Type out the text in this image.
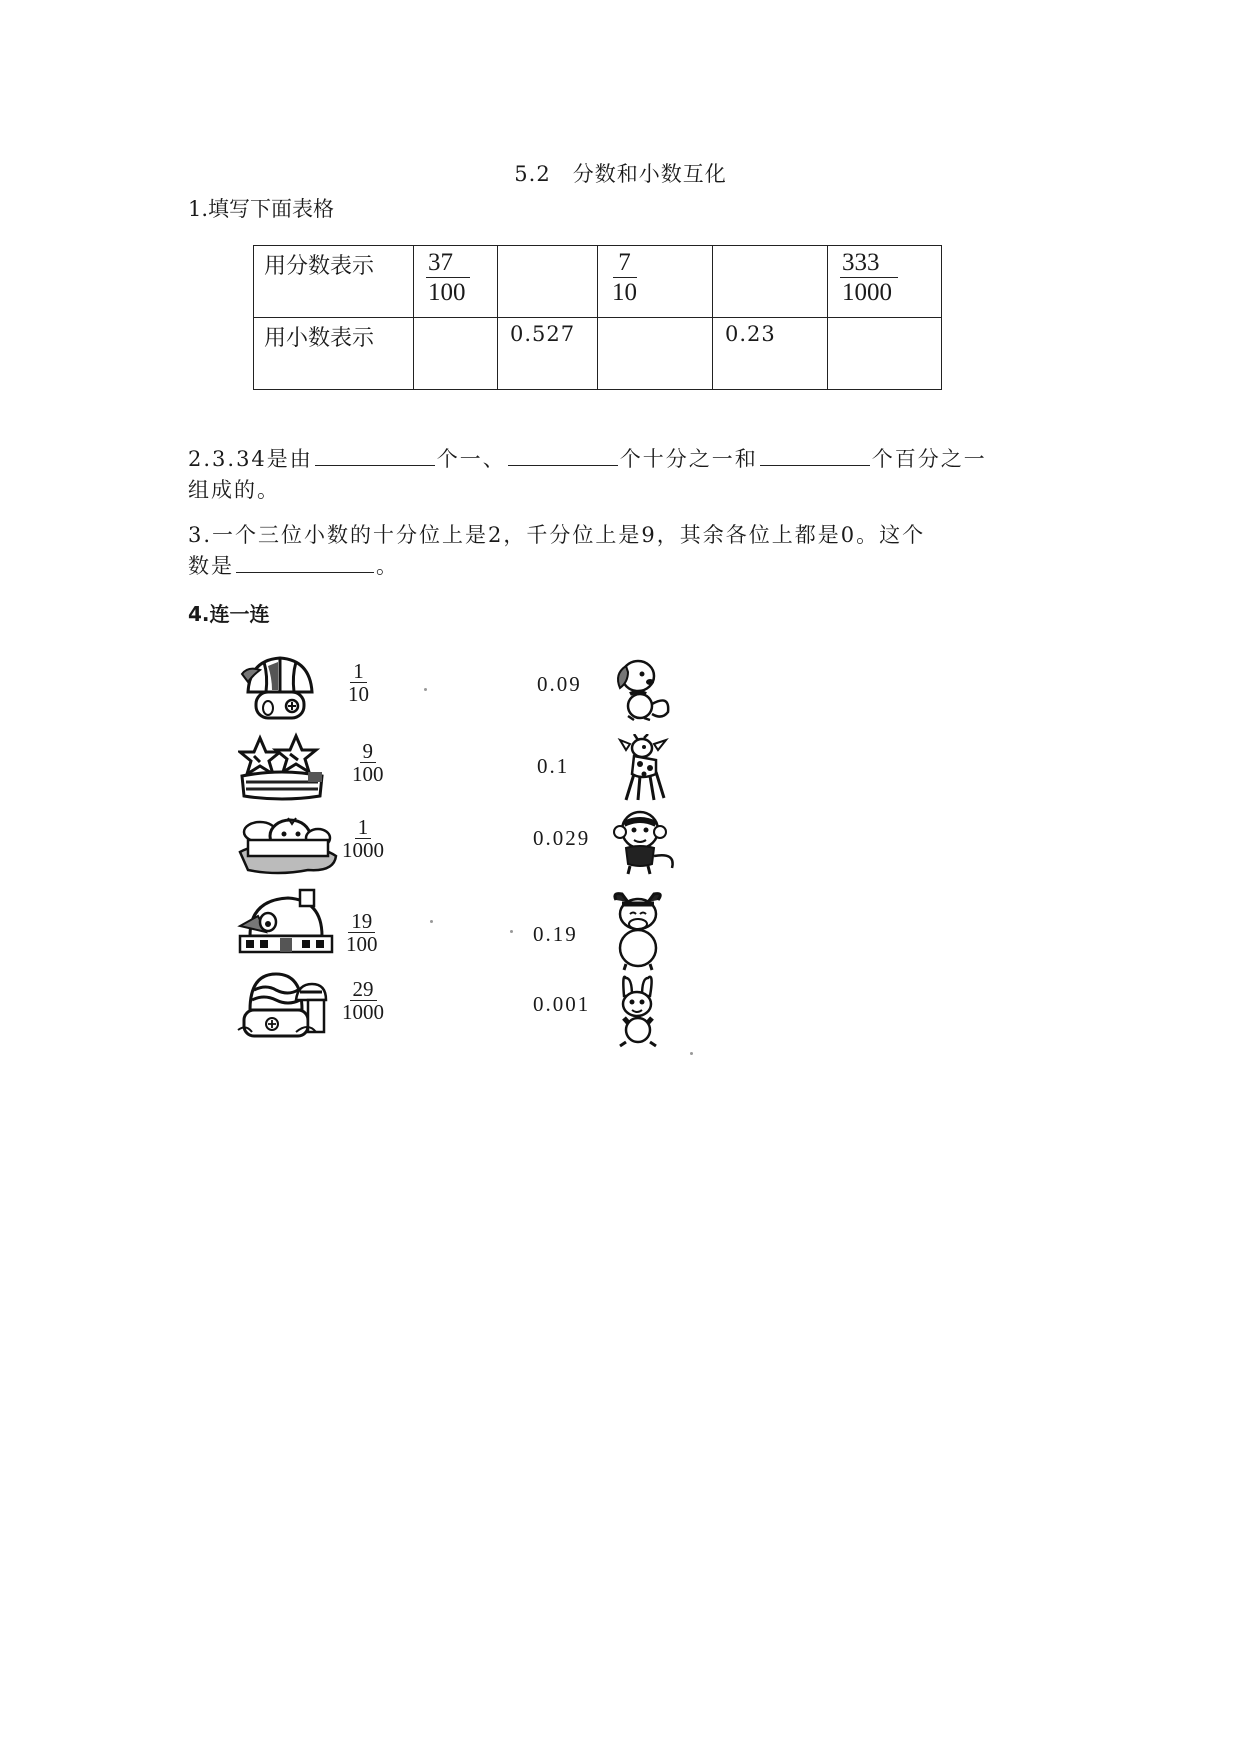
5.2　分数和小数互化
1.填写下面表格
用分数表示	$\frac{37}{100}$		$\frac{7}{10}$		$\frac{333}{1000}$

用小数表示		0.527		0.23	

2.3.34是由	个一、	个十分之一和	个百分之一
组成的。
3.一个三位小数的十分位上是2，千分位上是9，其余各位上都是0。这个
数是	。
4.连一连
$\frac{1}{10}$
$\frac{9}{100}$
$\frac{1}{1000}$
$\frac{19}{100}$
$\frac{29}{1000}$
0.09
0.1
0.029
0.19
0.001
